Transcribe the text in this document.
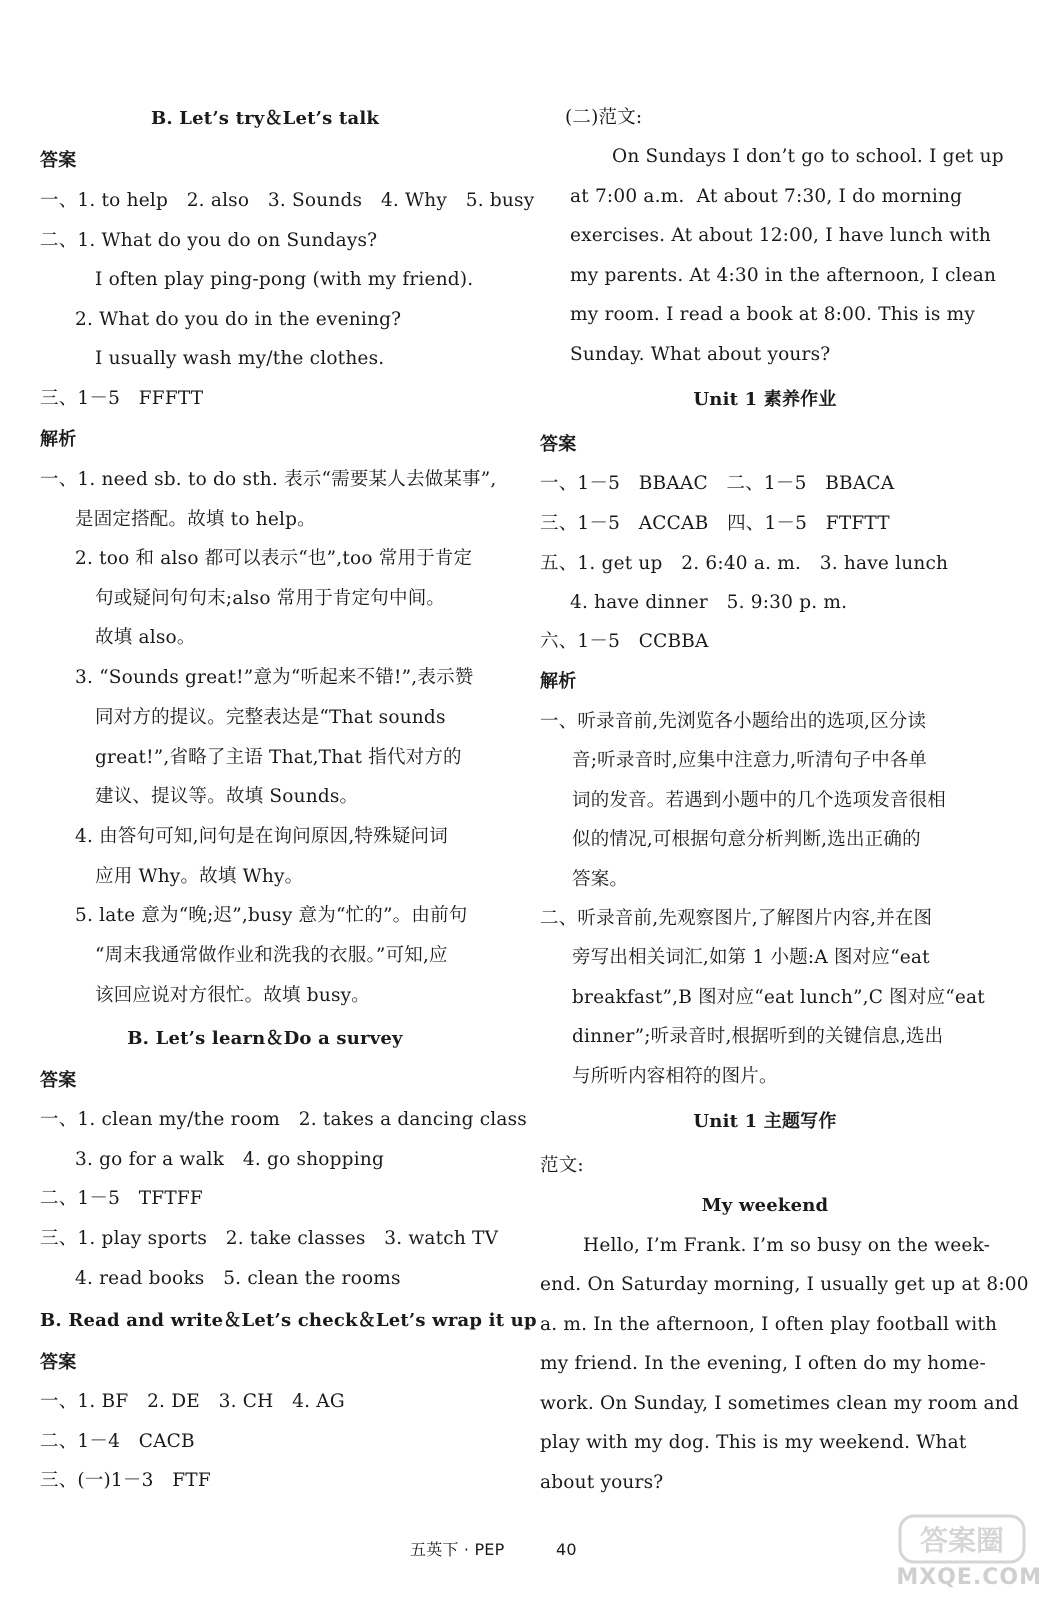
B. Let’s try＆Let’s talk
答案
一、1. to help　2. also　3. Sounds　4. Why　5. busy
二、1. What do you do on Sundays?
I often play ping-pong (with my friend).
2. What do you do in the evening?
I usually wash my/the clothes.
三、1－5　FFFTT
解析
一、1. need sb. to do sth. 表示“需要某人去做某事”,
是固定搭配。故填 to help。
2. too 和 also 都可以表示“也”,too 常用于肯定
句或疑问句句末;also 常用于肯定句中间。
故填 also。
3. “Sounds great!”意为“听起来不错!”,表示赞
同对方的提议。完整表达是“That sounds
great!”,省略了主语 That,That 指代对方的
建议、提议等。故填 Sounds。
4. 由答句可知,问句是在询问原因,特殊疑问词
应用 Why。故填 Why。
5. late 意为“晚;迟”,busy 意为“忙的”。由前句
“周末我通常做作业和洗我的衣服。”可知,应
该回应说对方很忙。故填 busy。
B. Let’s learn＆Do a survey
答案
一、1. clean my/the room　2. takes a dancing class
3. go for a walk　4. go shopping
二、1－5　TFTFF
三、1. play sports　2. take classes　3. watch TV
4. read books　5. clean the rooms
B. Read and write＆Let’s check＆Let’s wrap it up
答案
一、1. BF　2. DE　3. CH　4. AG
二、1－4　CACB
三、(一)1－3　FTF
(二)范文:
On Sundays I don’t go to school. I get up
at 7:00 a.m.  At about 7:30, I do morning
exercises. At about 12:00, I have lunch with
my parents. At 4:30 in the afternoon, I clean
my room. I read a book at 8:00. This is my
Sunday. What about yours?
Unit 1 素养作业
答案
一、1－5　BBAAC　二、1－5　BBACA
三、1－5　ACCAB　四、1－5　FTFTT
五、1. get up　2. 6:40 a. m.　3. have lunch
4. have dinner　5. 9:30 p. m.
六、1－5　CCBBA
解析
一、听录音前,先浏览各小题给出的选项,区分读
音;听录音时,应集中注意力,听清句子中各单
词的发音。若遇到小题中的几个选项发音很相
似的情况,可根据句意分析判断,选出正确的
答案。
二、听录音前,先观察图片,了解图片内容,并在图
旁写出相关词汇,如第 1 小题:A 图对应“eat
breakfast”,B 图对应“eat lunch”,C 图对应“eat
dinner”;听录音时,根据听到的关键信息,选出
与所听内容相符的图片。
Unit 1 主题写作
范文:
My weekend
Hello, I’m Frank. I’m so busy on the week-
end. On Saturday morning, I usually get up at 8:00
a. m. In the afternoon, I often play football with
my friend. In the evening, I often do my home-
work. On Sunday, I sometimes clean my room and
play with my dog. This is my weekend. What
about yours?
五英下 · PEP	40	答案圈
MXQE.COM
